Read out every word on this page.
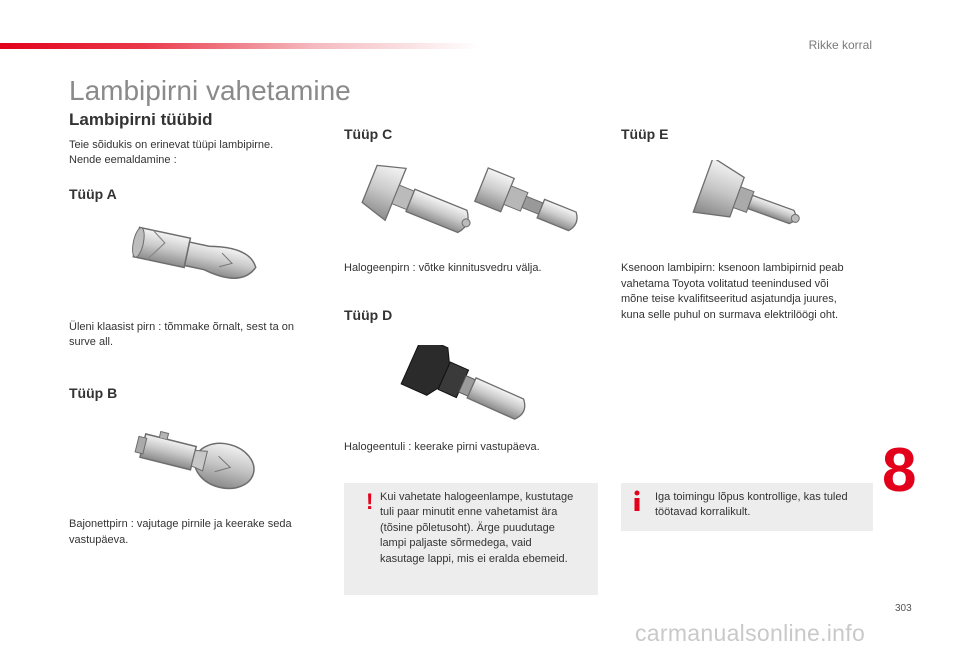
Rikke korral
Lambipirni vahetamine
Lambipirni tüübid

Teie sõidukis on erinevat tüüpi lambipirne.

Nende eemaldamine :

Tüüp A

Üleni klaasist pirn : tõmmake õrnalt, sest ta on

surve all.

Tüüp B

Bajonettpirn : vajutage pirnile ja keerake seda

vastupäeva.

Tüüp C

Halogeenpirn : võtke kinnitusvedru välja.

Tüüp D

Halogeentuli : keerake pirni vastupäeva.

! Kui vahetate halogeenlampe, kustutage
tuli paar minutit enne vahetamist ära
(tõsine põletusoht). Ärge puudutage
lampi paljaste sõrmedega, vaid
kasutage lappi, mis ei eralda ebemeid.
Tüüp E

Ksenoon lambipirn: ksenoon lambipirnid peab

vahetama Toyota volitatud teenindused või

mõne teise kvalifitseeritud asjatundja juures,

kuna selle puhul on surmava elektrilöögi oht.

Iga toimingu lõpus kontrollige, kas tuled
töötavad korralikult.
8
303
carmanualsonline.info
